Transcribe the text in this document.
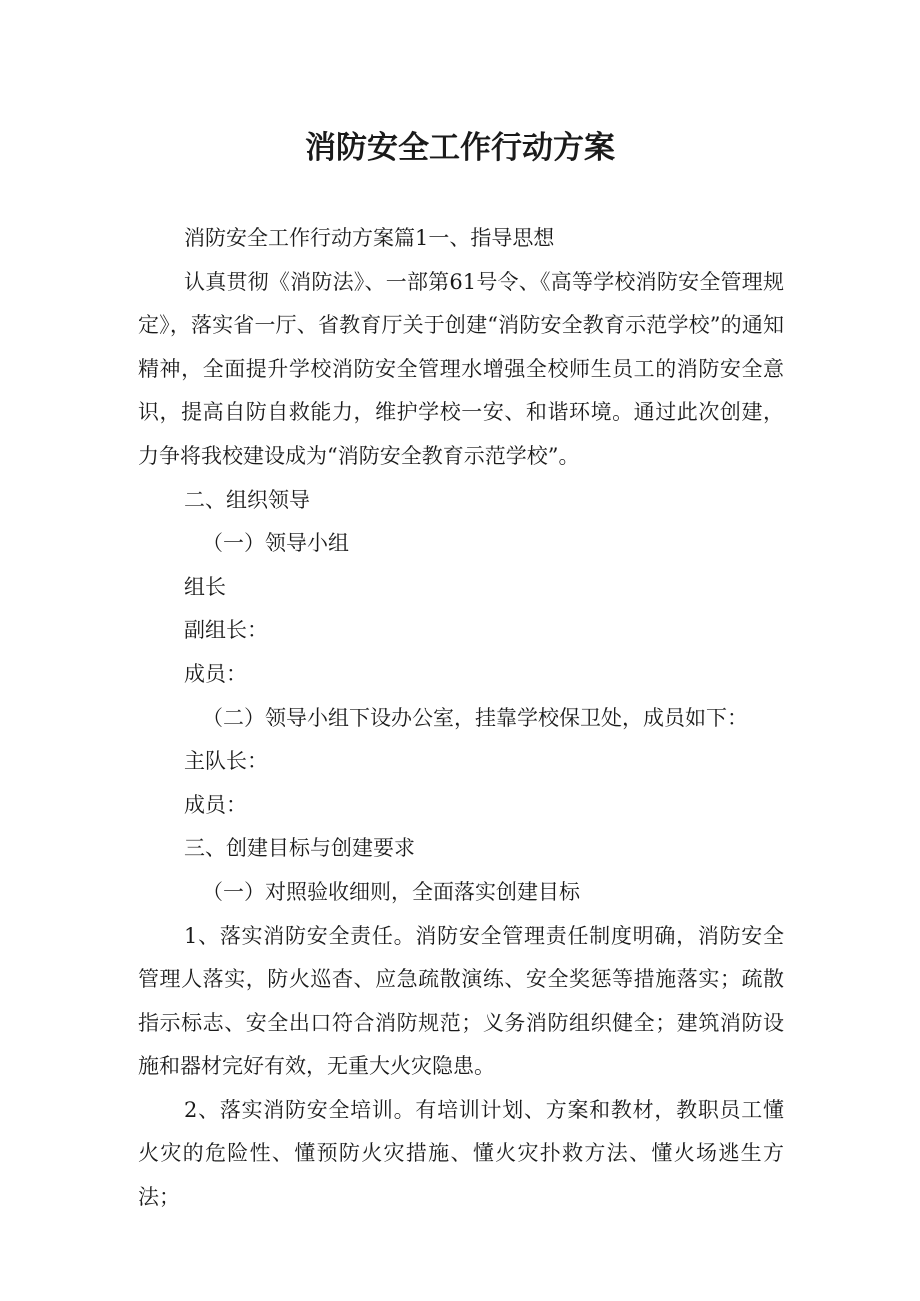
消防安全工作行动方案

消防安全工作行动方案篇1一、指导思想

认真贯彻《消防法》、一部第61号令、《高等学校消防安全管理规定》，落实省一厅、省教育厅关于创建“消防安全教育示范学校”的通知精神，全面提升学校消防安全管理水增强全校师生员工的消防安全意识，提高自防自救能力，维护学校一安、和谐环境。通过此次创建，力争将我校建设成为“消防安全教育示范学校”。

二、组织领导

（一）领导小组

组长

副组长：

成员：

（二）领导小组下设办公室，挂靠学校保卫处，成员如下：

主队长：

成员：

三、创建目标与创建要求

（一）对照验收细则，全面落实创建目标

1、落实消防安全责任。消防安全管理责任制度明确，消防安全管理人落实，防火巡杳、应急疏散演练、安全奖惩等措施落实；疏散指示标志、安全出口符合消防规范；义务消防组织健全；建筑消防设施和器材完好有效，无重大火灾隐患。

2、落实消防安全培训。有培训计划、方案和教材，教职员工懂火灾的危险性、懂预防火灾措施、懂火灾扑救方法、懂火场逃生方法；
